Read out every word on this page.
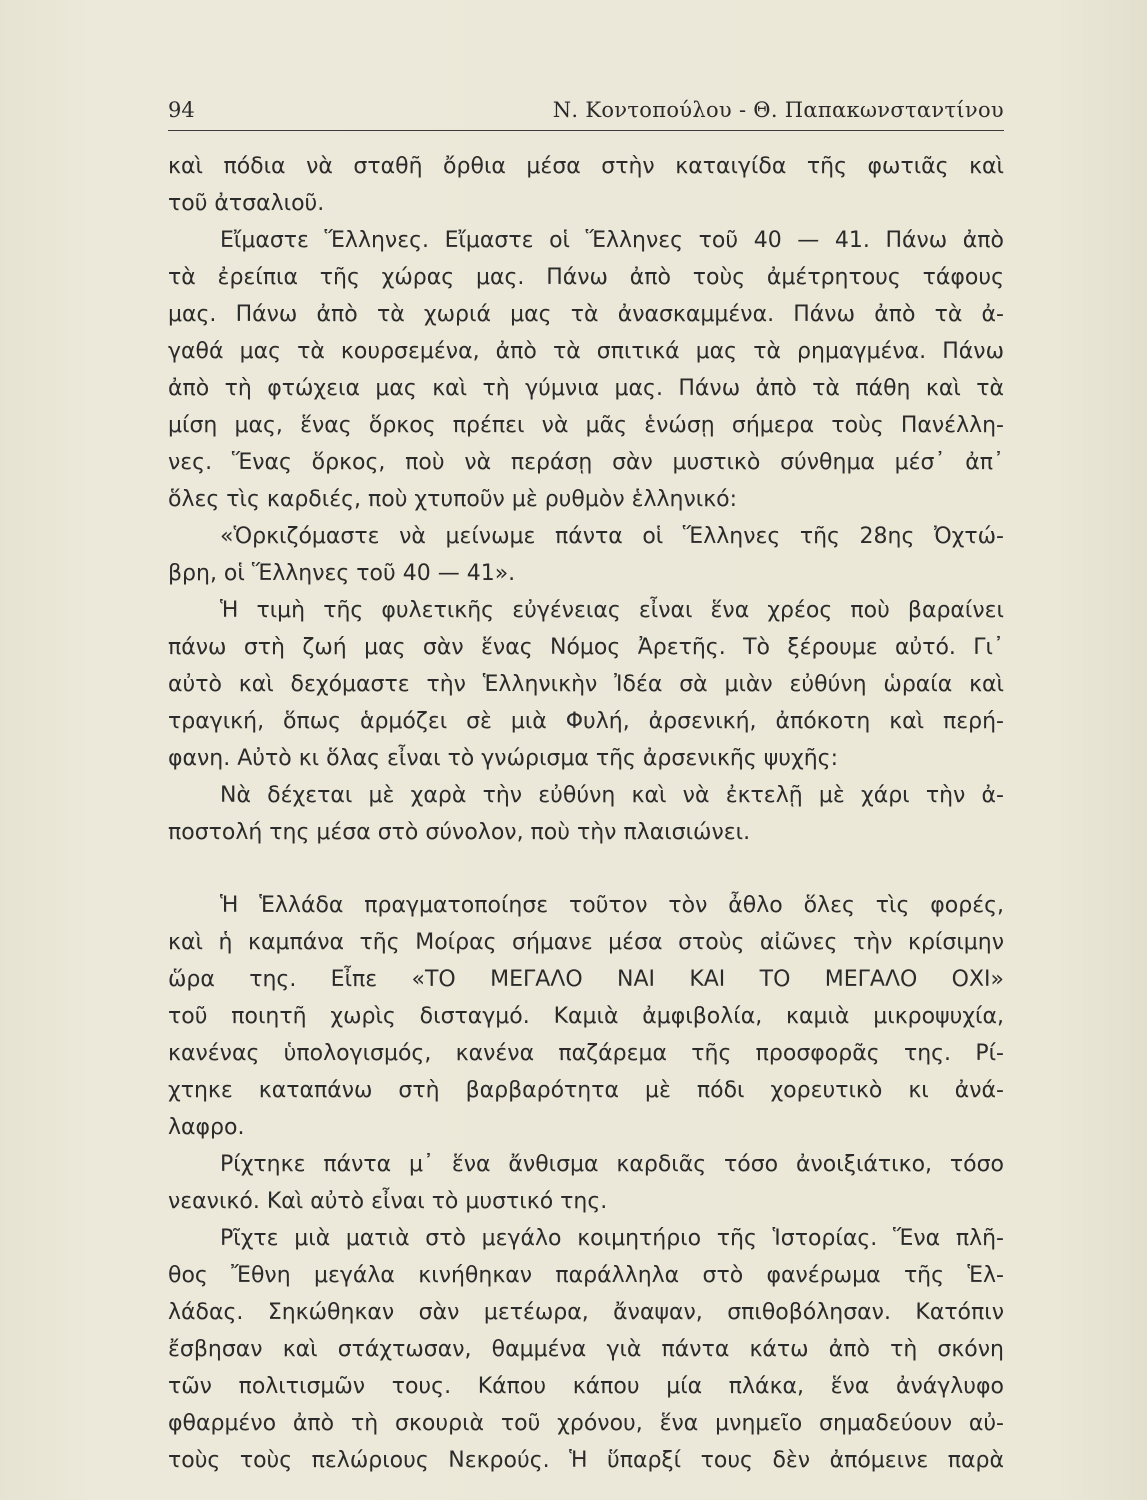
94	Ν. Κοντοπούλου - Θ. Παπακωνσταντίνου
καὶ πόδια νὰ σταθῆ ὄρθια μέσα στὴν καταιγίδα τῆς φωτιᾶς καὶ
τοῦ ἀτσαλιοῦ.
Εἴμαστε Ἕλληνες. Εἴμαστε οἱ Ἕλληνες τοῦ 40 — 41. Πάνω ἀπὸ
τὰ ἐρείπια τῆς χώρας μας. Πάνω ἀπὸ τοὺς ἀμέτρητους τάφους
μας. Πάνω ἀπὸ τὰ χωριά μας τὰ ἀνασκαμμένα. Πάνω ἀπὸ τὰ ἀ-
γαθά μας τὰ κουρσεμένα, ἀπὸ τὰ σπιτικά μας τὰ ρημαγμένα. Πάνω
ἀπὸ τὴ φτώχεια μας καὶ τὴ γύμνια μας. Πάνω ἀπὸ τὰ πάθη καὶ τὰ
μίση μας, ἕνας ὅρκος πρέπει νὰ μᾶς ἑνώσῃ σήμερα τοὺς Πανέλλη-
νες. Ἕνας ὅρκος, ποὺ νὰ περάσῃ σὰν μυστικὸ σύνθημα μέσ᾿ ἀπ᾿
ὅλες τὶς καρδιές, ποὺ χτυποῦν μὲ ρυθμὸν ἑλληνικό:
«Ὁρκιζόμαστε νὰ μείνωμε πάντα οἱ Ἕλληνες τῆς 28ης Ὀχτώ-
βρη, οἱ Ἕλληνες τοῦ 40 — 41».
Ἡ τιμὴ τῆς φυλετικῆς εὐγένειας εἶναι ἕνα χρέος ποὺ βαραίνει
πάνω στὴ ζωή μας σὰν ἕνας Νόμος Ἀρετῆς. Τὸ ξέρουμε αὐτό. Γι᾿
αὐτὸ καὶ δεχόμαστε τὴν Ἑλληνικὴν Ἰδέα σὰ μιὰν εὐθύνη ὡραία καὶ
τραγική, ὅπως ἁρμόζει σὲ μιὰ Φυλή, ἀρσενική, ἀπόκοτη καὶ περή-
φανη. Αὐτὸ κι ὅλας εἶναι τὸ γνώρισμα τῆς ἀρσενικῆς ψυχῆς:
Νὰ δέχεται μὲ χαρὰ τὴν εὐθύνη καὶ νὰ ἐκτελῇ μὲ χάρι τὴν ἀ-
ποστολή της μέσα στὸ σύνολον, ποὺ τὴν πλαισιώνει.
Ἡ Ἑλλάδα πραγματοποίησε τοῦτον τὸν ἆθλο ὅλες τὶς φορές,
καὶ ἡ καμπάνα τῆς Μοίρας σήμανε μέσα στοὺς αἰῶνες τὴν κρίσιμην
ὥρα της. Εἶπε «ΤΟ ΜΕΓΑΛΟ ΝΑΙ ΚΑΙ ΤΟ ΜΕΓΑΛΟ ΟΧΙ»
τοῦ ποιητῆ χωρὶς δισταγμό. Καμιὰ ἀμφιβολία, καμιὰ μικροψυχία,
κανένας ὑπολογισμός, κανένα παζάρεμα τῆς προσφορᾶς της. Ρί-
χτηκε καταπάνω στὴ βαρβαρότητα μὲ πόδι χορευτικὸ κι ἀνά-
λαφρο.
Ρίχτηκε πάντα μ᾿ ἕνα ἄνθισμα καρδιᾶς τόσο ἀνοιξιάτικο, τόσο
νεανικό. Καὶ αὐτὸ εἶναι τὸ μυστικό της.
Ρῖχτε μιὰ ματιὰ στὸ μεγάλο κοιμητήριο τῆς Ἱστορίας. Ἕνα πλῆ-
θος Ἔθνη μεγάλα κινήθηκαν παράλληλα στὸ φανέρωμα τῆς Ἑλ-
λάδας. Σηκώθηκαν σὰν μετέωρα, ἄναψαν, σπιθοβόλησαν. Κατόπιν
ἔσβησαν καὶ στάχτωσαν, θαμμένα γιὰ πάντα κάτω ἀπὸ τὴ σκόνη
τῶν πολιτισμῶν τους. Κάπου κάπου μία πλάκα, ἕνα ἀνάγλυφο
φθαρμένο ἀπὸ τὴ σκουριὰ τοῦ χρόνου, ἕνα μνημεῖο σημαδεύουν αὐ-
τοὺς τοὺς πελώριους Νεκρούς. Ἡ ὕπαρξί τους δὲν ἀπόμεινε παρὰ
